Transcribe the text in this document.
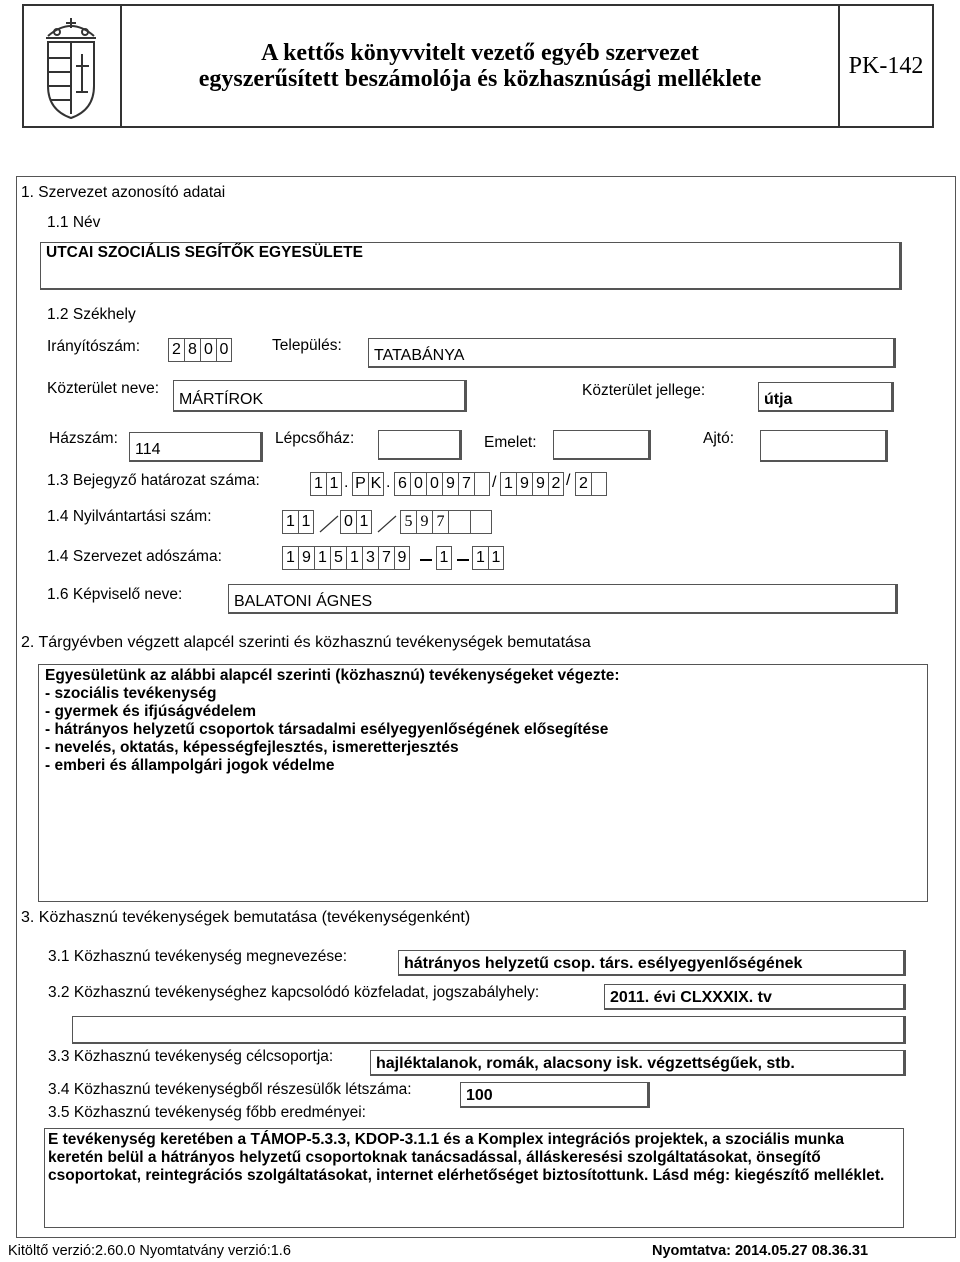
A kettős könyvvitelt vezető egyéb szervezet
egyszerűsített beszámolója és közhasznúsági melléklete
PK-142
1. Szervezet azonosító adatai
1.1 Név
UTCAI SZOCIÁLIS SEGÍTŐK EGYESÜLETE
1.2 Székhely
Irányítószám: 2 8 0 0	Település:
TATABÁNYA
Közterület neve:
MÁRTÍROK
Közterület jellege:
útja
Házszám:
114
Lépcsőház:	Emelet:	Ajtó:
1.3 Bejegyző határozat száma:	1 1 . P K . 6 0 0 9 7 / 1 9 9 2 / 2
1.4 Nyilvántartási szám:	1 1 0 1 5 9 7
1.4 Szervezet adószáma:	1 9 1 5 1 3 7 9 1 1 1
1.6 Képviselő neve:	BALATONI ÁGNES
2. Tárgyévben végzett alapcél szerinti és közhasznú tevékenységek bemutatása
Egyesületünk az alábbi alapcél szerinti (közhasznú) tevékenységeket végezte:
- szociális tevékenység
- gyermek és ifjúságvédelem
- hátrányos helyzetű csoportok társadalmi esélyegyenlőségének elősegítése
- nevelés, oktatás, képességfejlesztés, ismeretterjesztés
- emberi és állampolgári jogok védelme
3. Közhasznú tevékenységek bemutatása (tevékenységenként)
3.1 Közhasznú tevékenység megnevezése:	hátrányos helyzetű csop. társ. esélyegyenlőségének
3.2 Közhasznú tevékenységhez kapcsolódó közfeladat, jogszabályhely:	2011. évi CLXXXIX. tv
3.3 Közhasznú tevékenység célcsoportja:	hajléktalanok, romák, alacsony isk. végzettségűek, stb.
3.4 Közhasznú tevékenységből részesülők létszáma:	100
3.5 Közhasznú tevékenység főbb eredményei:
E tevékenység keretében a TÁMOP-5.3.3, KDOP-3.1.1 és a Komplex integrációs projektek, a szociális munka keretén belül a hátrányos helyzetű csoportoknak tanácsadással, álláskeresési szolgáltatásokat, önsegítő csoportokat, reintegrációs szolgáltatásokat, internet elérhetőséget biztosítottunk. Lásd még: kiegészítő melléklet.
Kitöltő verzió:2.60.0 Nyomtatvány verzió:1.6	Nyomtatva: 2014.05.27 08.36.31
